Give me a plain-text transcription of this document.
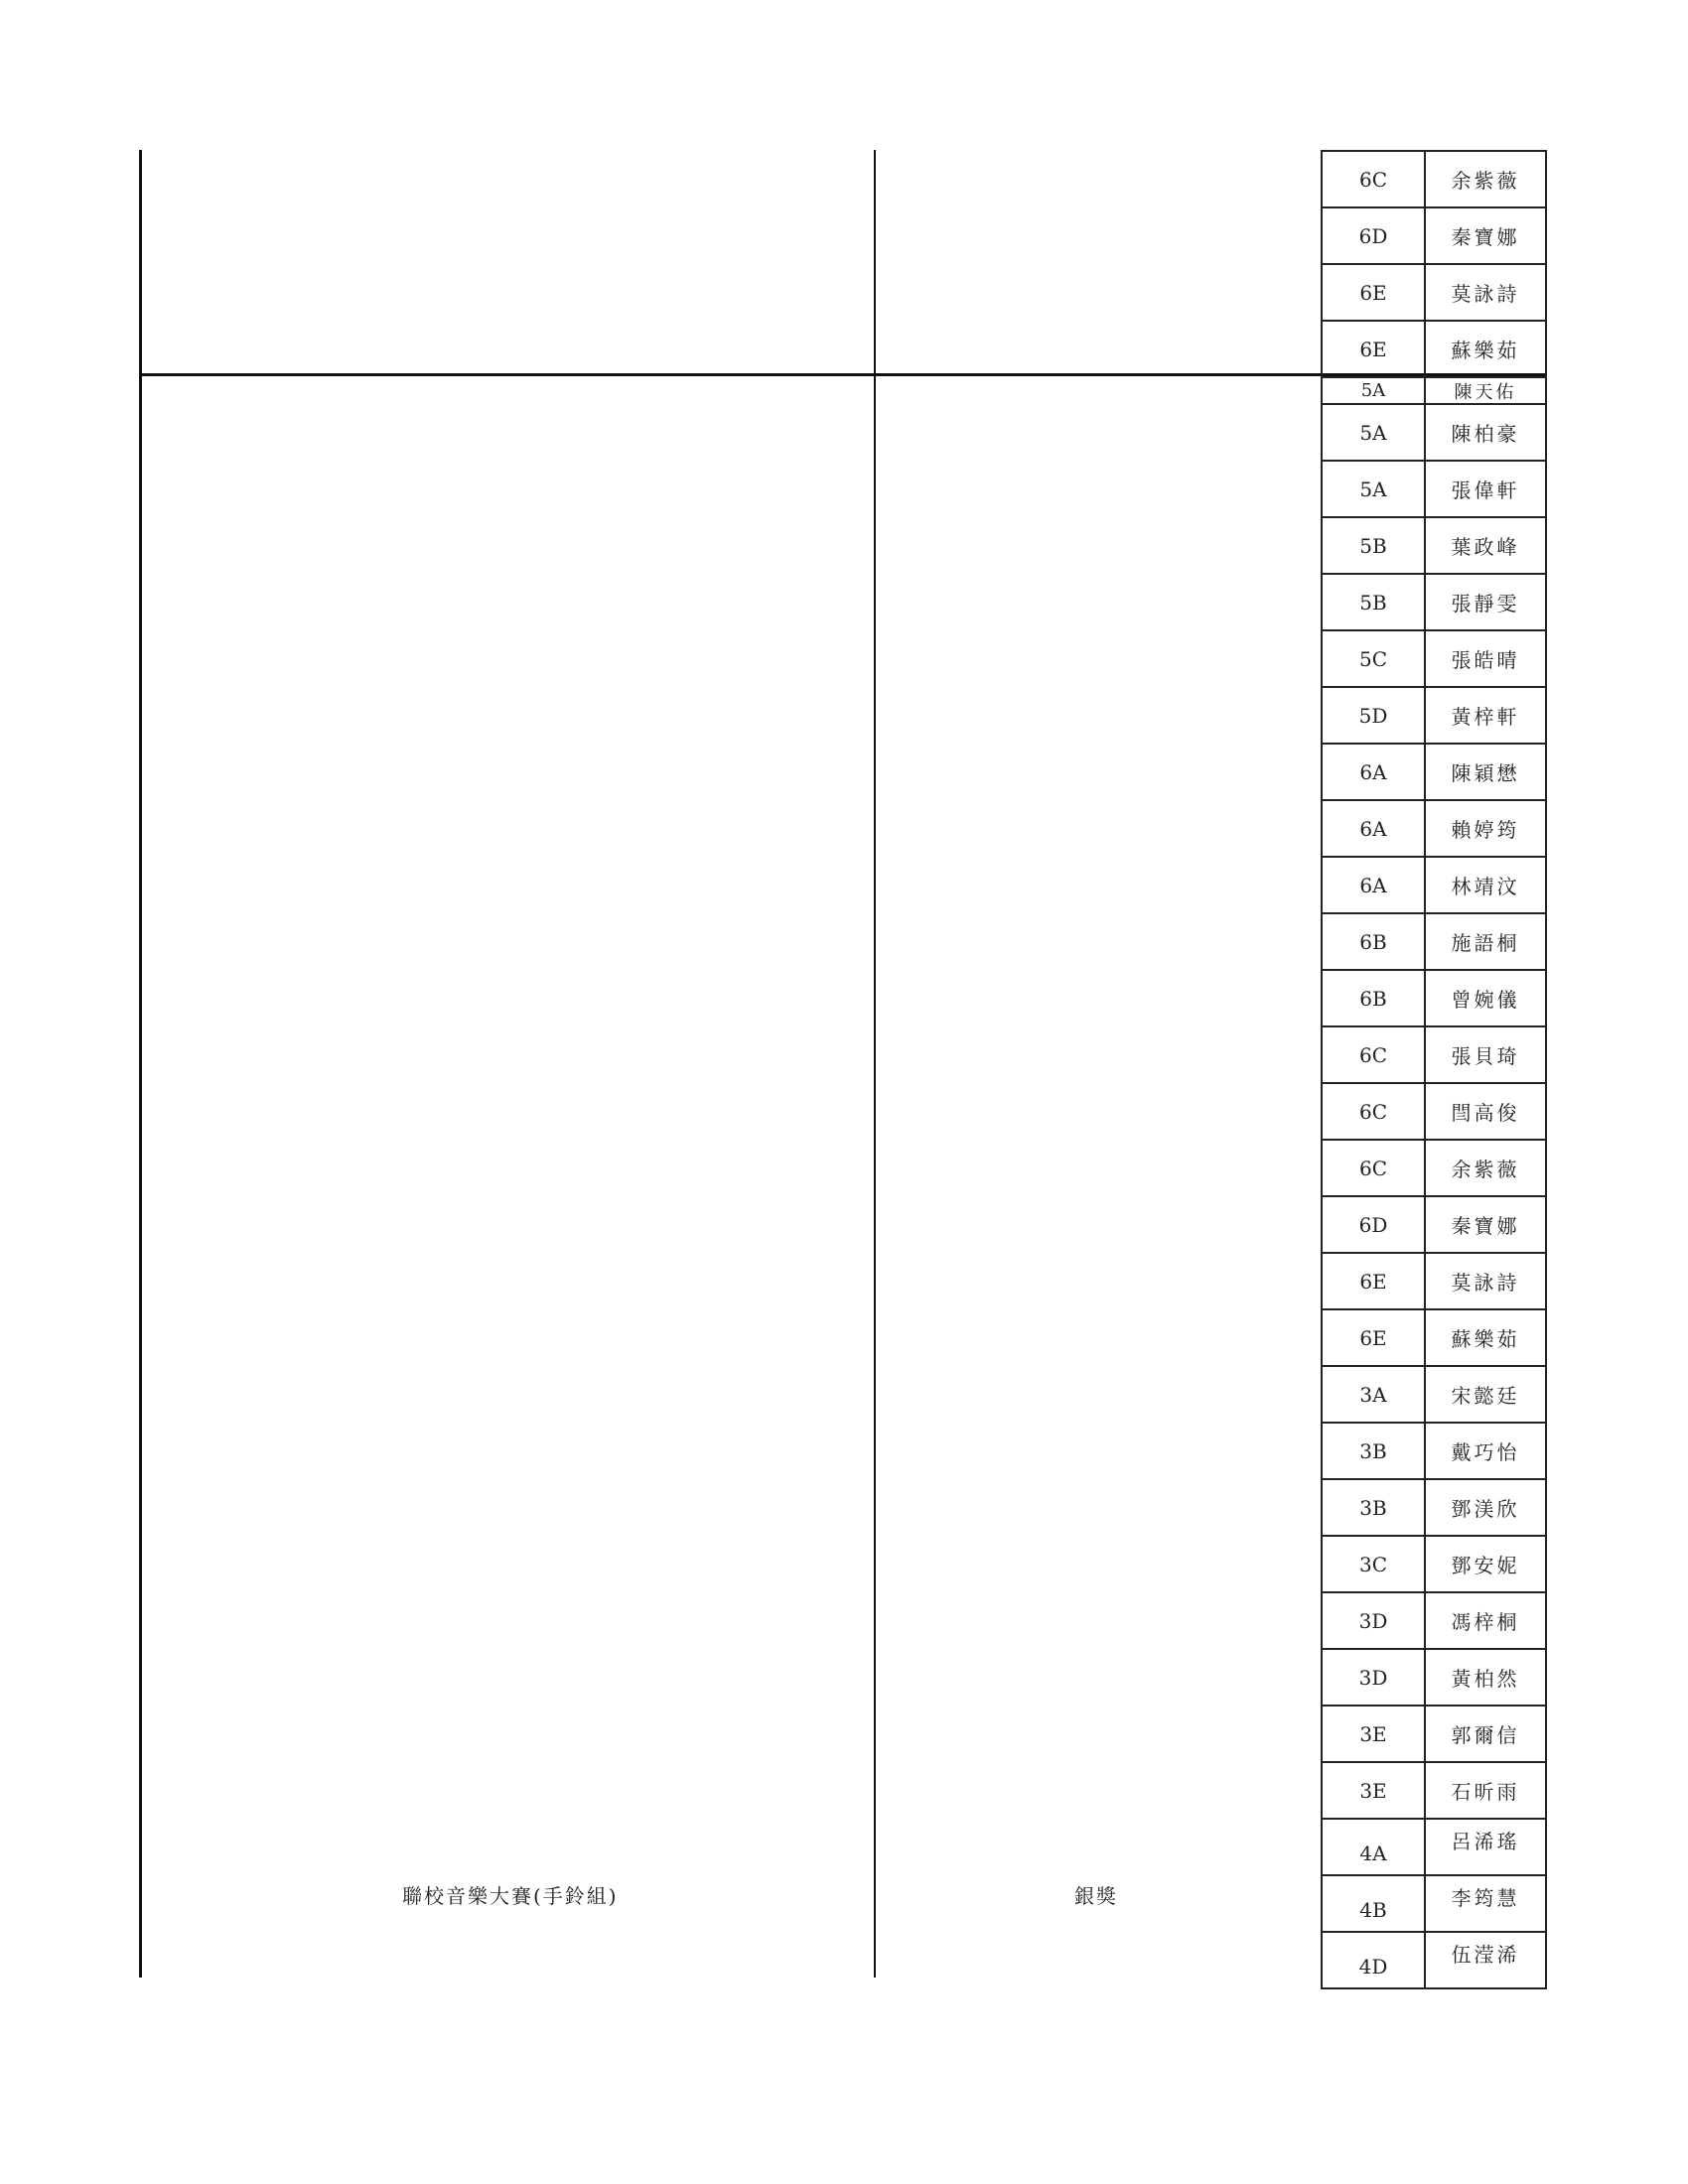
聯校音樂大賽(手鈴組)	銀獎
6C	余紫薇
6D	秦寶娜
6E	莫詠詩
6E	蘇樂茹
5A	陳天佑
5A	陳柏豪
5A	張偉軒
5B	葉政峰
5B	張靜雯
5C	張皓晴
5D	黃梓軒
6A	陳穎懋
6A	賴婷筠
6A	林靖汶
6B	施語桐
6B	曾婉儀
6C	張貝琦
6C	閆高俊
6C	余紫薇
6D	秦寶娜
6E	莫詠詩
6E	蘇樂茹
3A	宋懿廷
3B	戴巧怡
3B	鄧渼欣
3C	鄧安妮
3D	馮梓桐
3D	黃柏然
3E	郭爾信
3E	石昕雨
4A	呂浠瑤
4B	李筠慧
4D	伍滢浠
